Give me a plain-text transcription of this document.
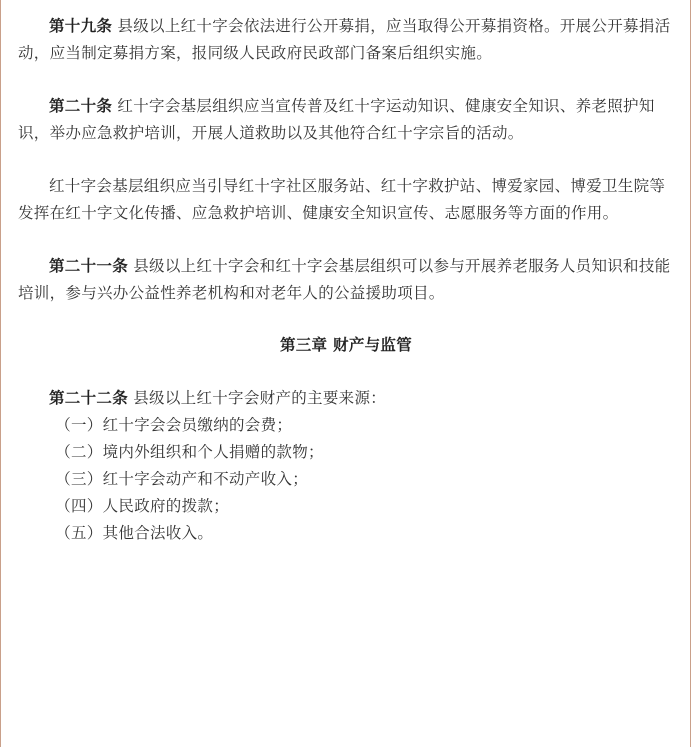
第十九条 县级以上红十字会依法进行公开募捐，应当取得公开募捐资格。开展公开募捐活动，应当制定募捐方案，报同级人民政府民政部门备案后组织实施。

第二十条 红十字会基层组织应当宣传普及红十字运动知识、健康安全知识、养老照护知识，举办应急救护培训，开展人道救助以及其他符合红十字宗旨的活动。

红十字会基层组织应当引导红十字社区服务站、红十字救护站、博爱家园、博爱卫生院等发挥在红十字文化传播、应急救护培训、健康安全知识宣传、志愿服务等方面的作用。

第二十一条 县级以上红十字会和红十字会基层组织可以参与开展养老服务人员知识和技能培训，参与兴办公益性养老机构和对老年人的公益援助项目。

第三章 财产与监管

第二十二条 县级以上红十字会财产的主要来源：

（一）红十字会会员缴纳的会费；

（二）境内外组织和个人捐赠的款物；

（三）红十字会动产和不动产收入；

（四）人民政府的拨款；

（五）其他合法收入。
